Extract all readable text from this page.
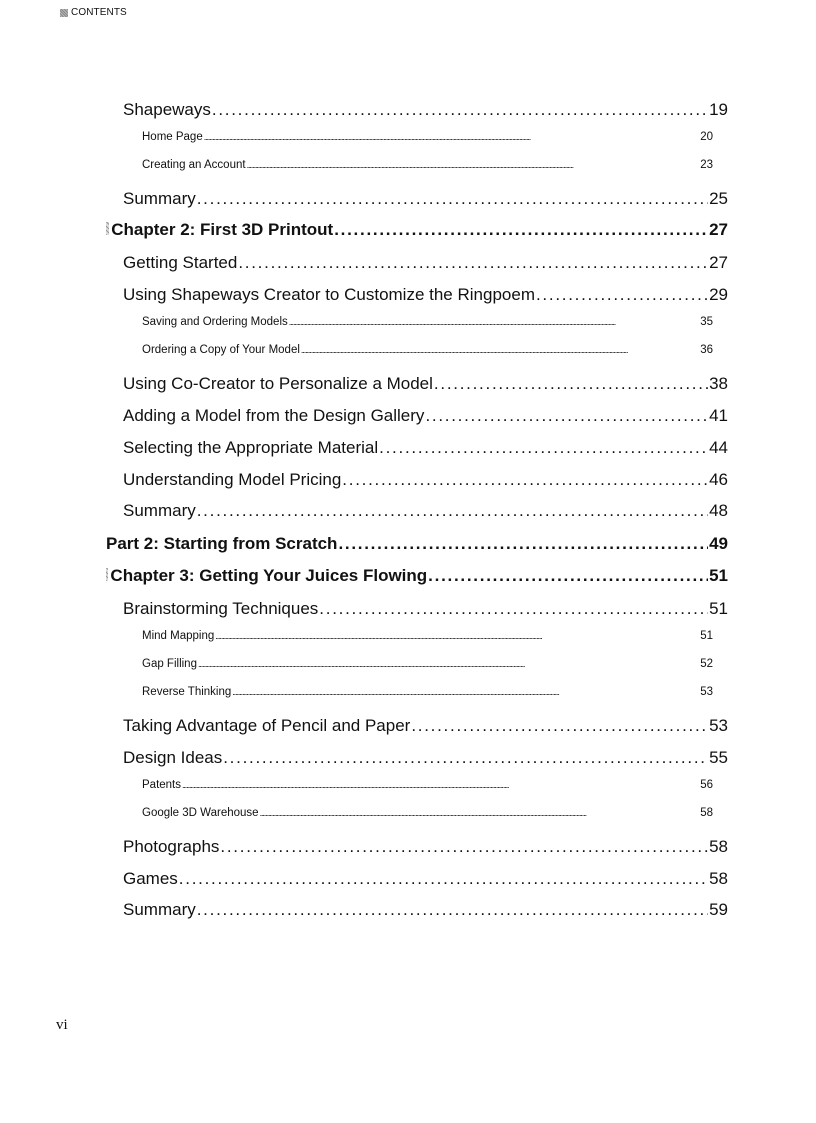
CONTENTS
Shapeways . . .	19
Home Page . . .	20
Creating an Account . . .	23
Summary . . .	25
Chapter 2: First 3D Printout . . .	27
Getting Started . . .	27
Using Shapeways Creator to Customize the Ringpoem . . .	29
Saving and Ordering Models . . .	35
Ordering a Copy of Your Model . . .	36
Using Co-Creator to Personalize a Model . . .	38
Adding a Model from the Design Gallery . . .	41
Selecting the Appropriate Material . . .	44
Understanding Model Pricing . . .	46
Summary . . .	48
Part 2: Starting from Scratch . . .	49
Chapter 3: Getting Your Juices Flowing . . .	51
Brainstorming Techniques . . .	51
Mind Mapping . . .	51
Gap Filling . . .	52
Reverse Thinking . . .	53
Taking Advantage of Pencil and Paper . . .	53
Design Ideas . . .	55
Patents . . .	56
Google 3D Warehouse . . .	58
Photographs . . .	58
Games . . .	58
Summary . . .	59
vi
